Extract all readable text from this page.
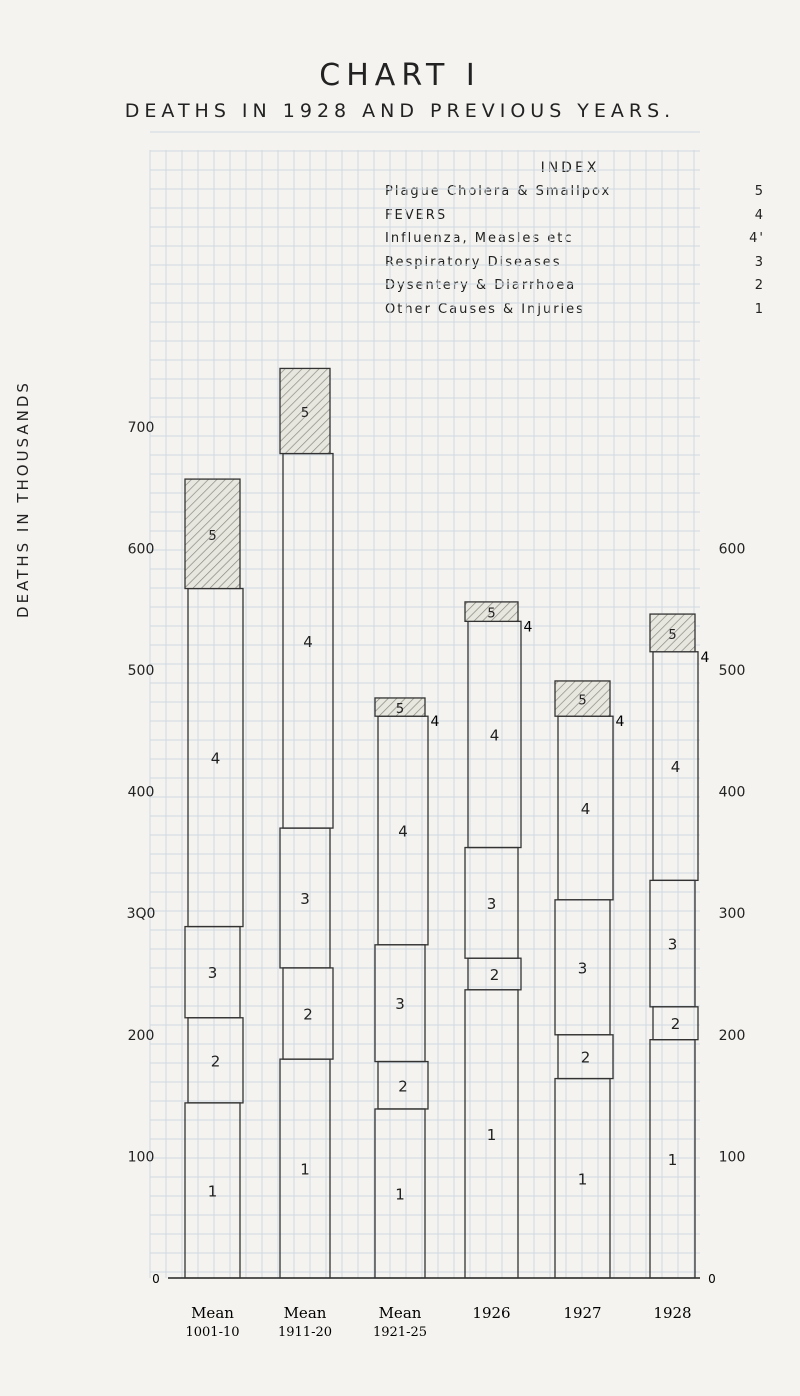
CHART I
DEATHS IN 1928 AND PREVIOUS YEARS.
DEATHS IN THOUSANDS
INDEX
Plague Cholera & Smallpox	5
FEVERS	4
Influenza, Measles etc	4'
Respiratory Diseases	3
Dysentery & Diarrhoea	2
Other Causes & Injuries	1
100
200
3Q0
400
500
600
700
100
200
300
400
500
600
0	0
1
2
3
4
5
Mean
1001-10
1
2
3
4
5
Mean
1911-20
1
2
3
4
5
4
Mean
1921-25
1
2
3
4
5
4
1926
1
2
3
4
5
4
1927
1
2
3
4
5
4
1928
